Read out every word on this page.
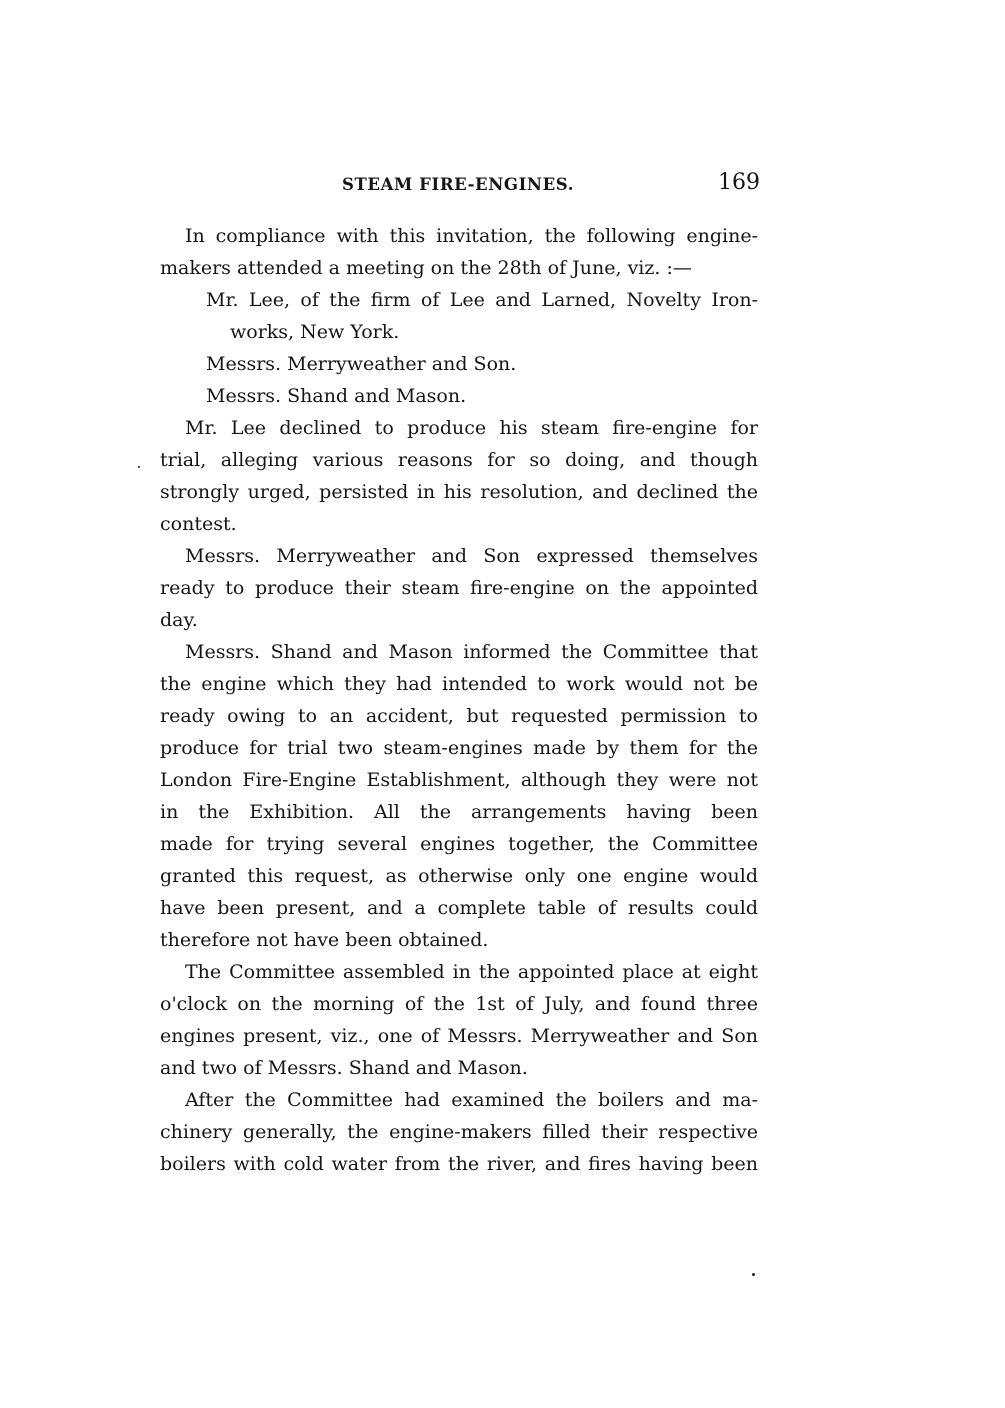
STEAM FIRE-ENGINES.	169
In compliance with this invitation, the following engine-
makers attended a meeting on the 28th of June, viz. :—
Mr. Lee, of the firm of Lee and Larned, Novelty Iron-
works, New York.
Messrs. Merryweather and Son.
Messrs. Shand and Mason.
Mr. Lee declined to produce his steam fire-engine for
trial, alleging various reasons for so doing, and though
strongly urged, persisted in his resolution, and declined the
contest.
Messrs. Merryweather and Son expressed themselves
ready to produce their steam fire-engine on the appointed
day.
Messrs. Shand and Mason informed the Committee that
the engine which they had intended to work would not be
ready owing to an accident, but requested permission to
produce for trial two steam-engines made by them for the
London Fire-Engine Establishment, although they were not
in the Exhibition. All the arrangements having been
made for trying several engines together, the Committee
granted this request, as otherwise only one engine would
have been present, and a complete table of results could
therefore not have been obtained.
The Committee assembled in the appointed place at eight
o'clock on the morning of the 1st of July, and found three
engines present, viz., one of Messrs. Merryweather and Son
and two of Messrs. Shand and Mason.
After the Committee had examined the boilers and ma-
chinery generally, the engine-makers filled their respective
boilers with cold water from the river, and fires having been
